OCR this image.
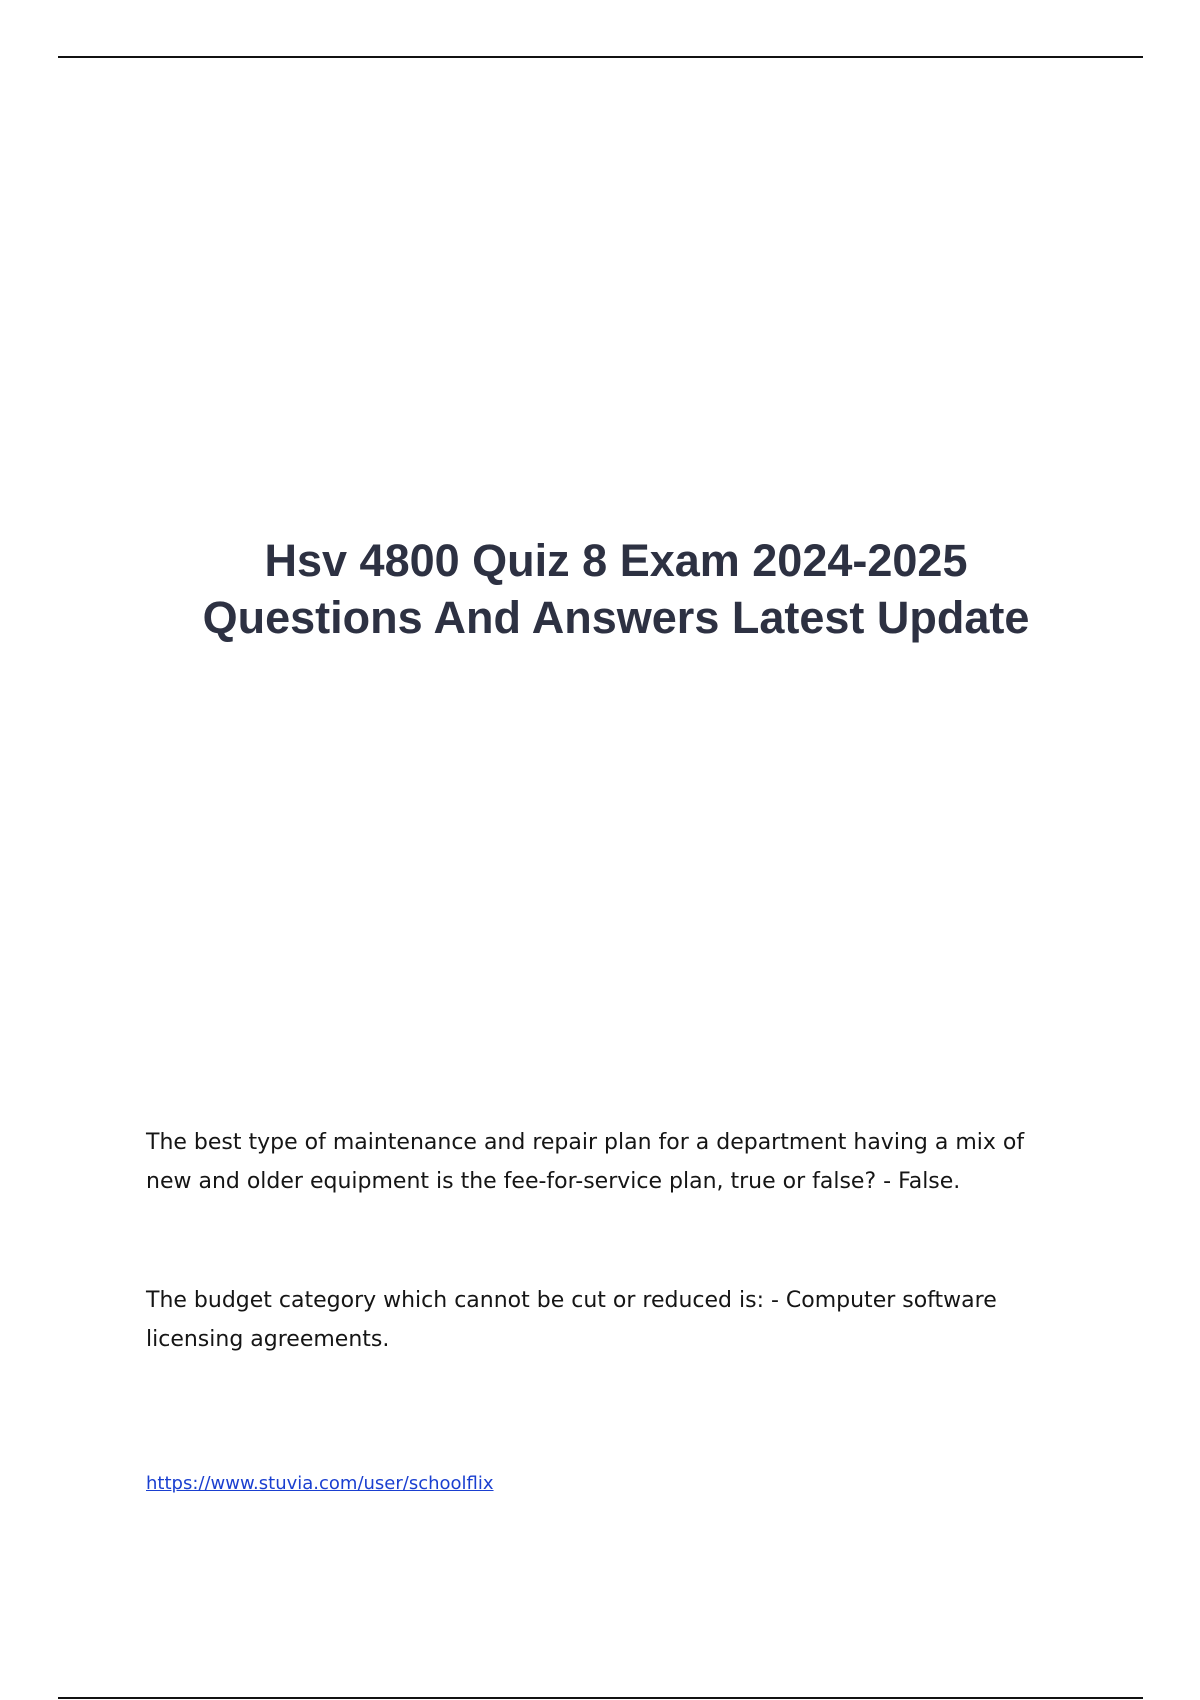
Hsv 4800 Quiz 8 Exam 2024-2025
Questions And Answers Latest Update
The best type of maintenance and repair plan for a department having a mix of
new and older equipment is the fee-for-service plan, true or false? - False.
The budget category which cannot be cut or reduced is: - Computer software
licensing agreements.
https://www.stuvia.com/user/schoolflix
